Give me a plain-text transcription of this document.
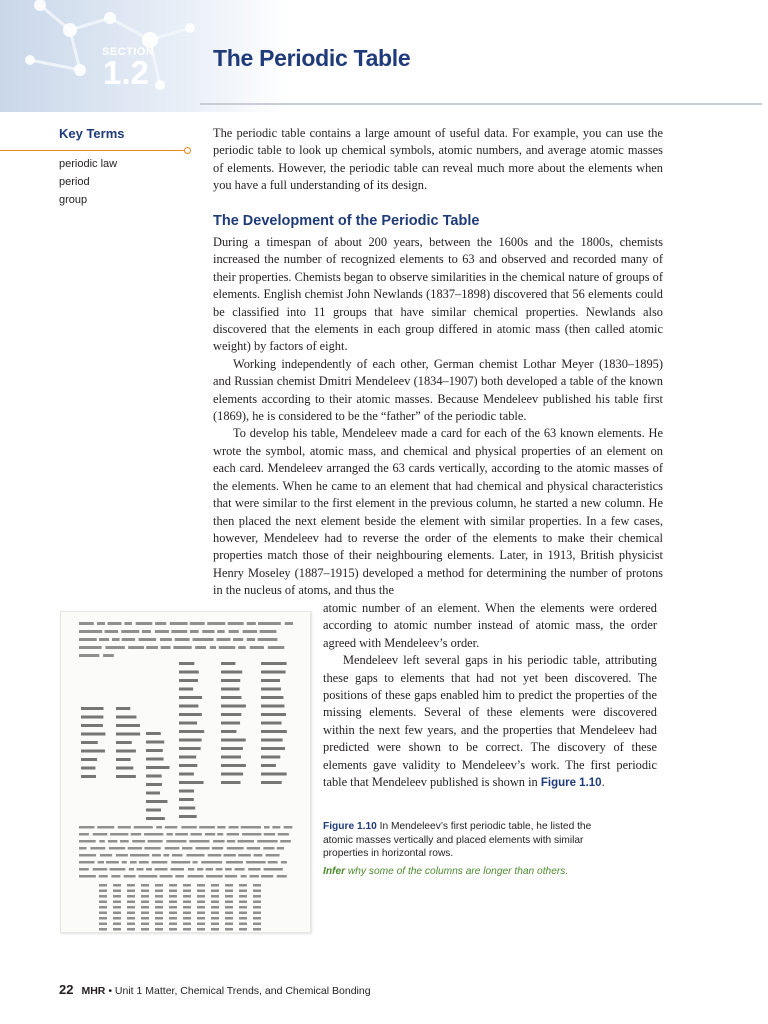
SECTION
1.2	The Periodic Table
Key Terms
periodic law
period
group

The periodic table contains a large amount of useful data. For example, you can use the periodic table to look up chemical symbols, atomic numbers, and average atomic masses of elements. However, the periodic table can reveal much more about the elements when you have a full understanding of its design.

The Development of the Periodic Table

During a timespan of about 200 years, between the 1600s and the 1800s, chemists increased the number of recognized elements to 63 and observed and recorded many of their properties. Chemists began to observe similarities in the chemical nature of groups of elements. English chemist John Newlands (1837–1898) discovered that 56 elements could be classified into 11 groups that have similar chemical properties. Newlands also discovered that the elements in each group differed in atomic mass (then called atomic weight) by factors of eight.

Working independently of each other, German chemist Lothar Meyer (1830–1895) and Russian chemist Dmitri Mendeleev (1834–1907) both developed a table of the known elements according to their atomic masses. Because Mendeleev published his table first (1869), he is considered to be the “father” of the periodic table.

To develop his table, Mendeleev made a card for each of the 63 known elements. He wrote the symbol, atomic mass, and chemical and physical properties of an element on each card. Mendeleev arranged the 63 cards vertically, according to the atomic masses of the elements. When he came to an element that had chemical and physical characteristics that were similar to the first element in the previous column, he started a new column. He then placed the next element beside the element with similar properties. In a few cases, however, Mendeleev had to reverse the order of the elements to make their chemical properties match those of their neighbouring elements. Later, in 1913, British physicist Henry Moseley (1887–1915) developed a method for determining the number of protons in the nucleus of atoms, and thus the

atomic number of an element. When the elements were ordered according to atomic number instead of atomic mass, the order agreed with Mendeleev’s order.

Mendeleev left several gaps in his periodic table, attributing these gaps to elements that had not yet been discovered. The positions of these gaps enabled him to predict the properties of the missing elements. Several of these elements were discovered within the next few years, and the properties that Mendeleev had predicted were shown to be correct. The discovery of these elements gave validity to Mendeleev’s work. The first periodic table that Mendeleev published is shown in Figure 1.10.

Figure 1.10 In Mendeleev’s first periodic table, he listed the atomic masses vertically and placed elements with similar properties in horizontal rows.

Infer why some of the columns are longer than others.

22 MHR • Unit 1 Matter, Chemical Trends, and Chemical Bonding
